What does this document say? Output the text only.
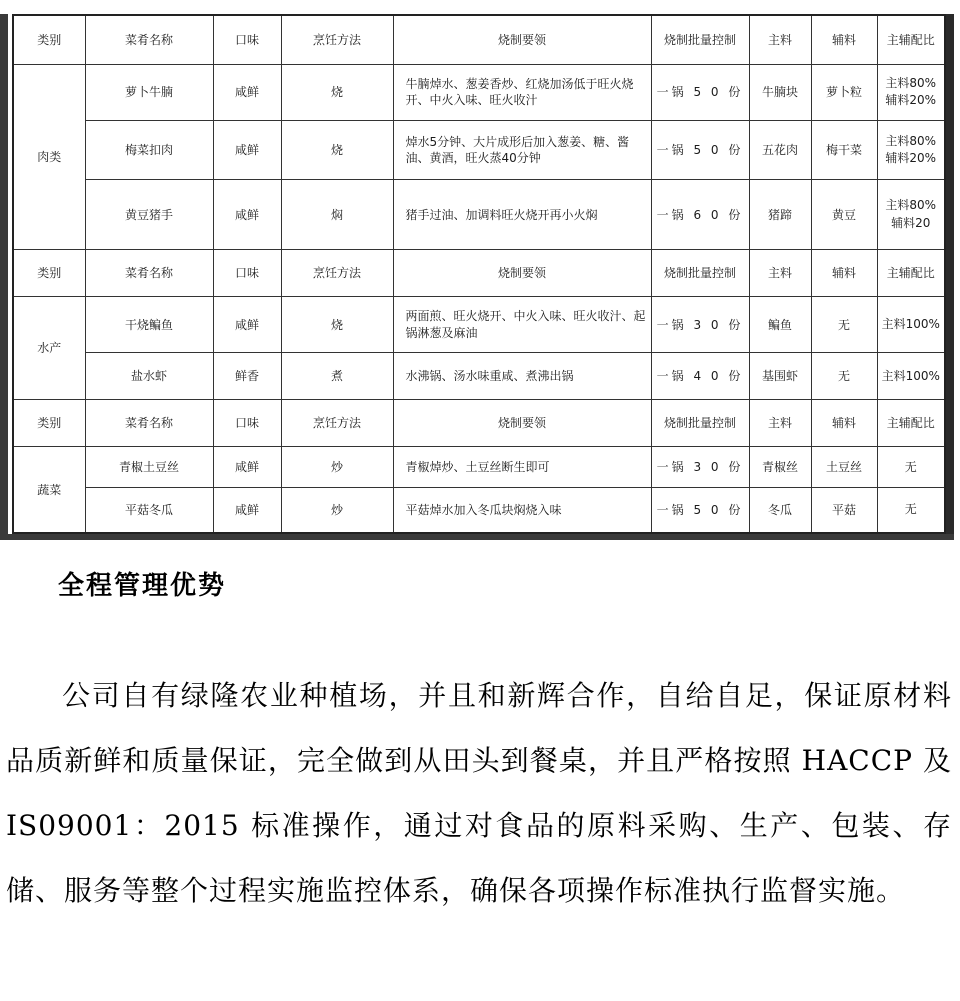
类别	菜肴名称	口味	烹饪方法	烧制要领	烧制批量控制	主料	辅料	主辅配比
肉类	萝卜牛腩	咸鲜	烧	牛腩焯水、葱姜香炒、红烧加汤低于旺火烧开、中火入味、旺火收汁	一锅 5 0 份	牛腩块	萝卜粒	主料80%
辅料20%
	梅菜扣肉	咸鲜	烧	焯水5分钟、大片成形后加入葱姜、糖、酱油、黄酒，旺火蒸40分钟	一锅 5 0 份	五花肉	梅干菜	主料80%
辅料20%
	黄豆猪手	咸鲜	焖	猪手过油、加调料旺火烧开再小火焖	一锅 6 0 份	猪蹄	黄豆	主料80%
辅料20
类别	菜肴名称	口味	烹饪方法	烧制要领	烧制批量控制	主料	辅料	主辅配比
水产	干烧鳊鱼	咸鲜	烧	两面煎、旺火烧开、中火入味、旺火收汁、起锅淋葱及麻油	一锅 3 0 份	鳊鱼	无	主料100%
	盐水虾	鲜香	煮	水沸锅、汤水味重咸、煮沸出锅	一锅 4 0 份	基围虾	无	主料100%
类别	菜肴名称	口味	烹饪方法	烧制要领	烧制批量控制	主料	辅料	主辅配比
蔬菜	青椒土豆丝	咸鲜	炒	青椒焯炒、土豆丝断生即可	一锅 3 0 份	青椒丝	土豆丝	无
	平菇冬瓜	咸鲜	炒	平菇焯水加入冬瓜块焖烧入味	一锅 5 0 份	冬瓜	平菇	无
全程管理优势

公司自有绿隆农业种植场，并且和新辉合作，自给自足，保证原材料品质新鲜和质量保证，完全做到从田头到餐桌，并且严格按照 HACCP 及 IS09001：2015 标准操作，通过对食品的原料采购、生产、包装、存储、服务等整个过程实施监控体系，确保各项操作标准执行监督实施。
